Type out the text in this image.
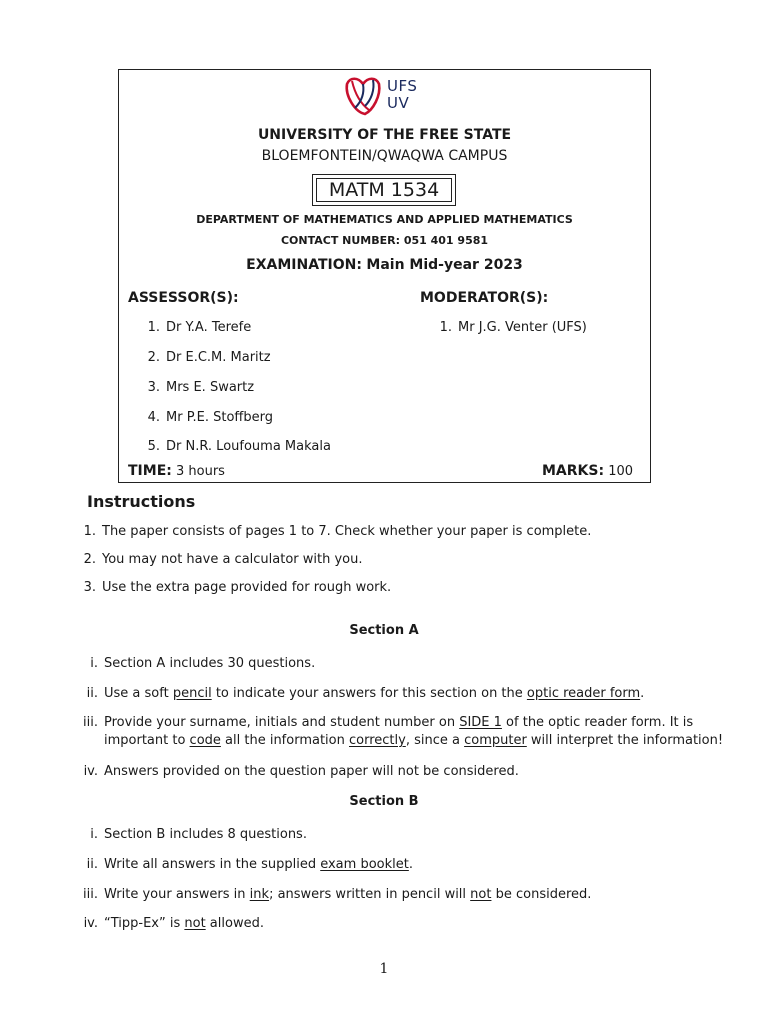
UFS
UV
UNIVERSITY OF THE FREE STATE
BLOEMFONTEIN/QWAQWA CAMPUS
MATM 1534
DEPARTMENT OF MATHEMATICS AND APPLIED MATHEMATICS
CONTACT NUMBER: 051 401 9581
EXAMINATION: Main Mid-year 2023
ASSESSOR(S):	MODERATOR(S):
1. Dr Y.A. Terefe
2. Dr E.C.M. Maritz
3. Mrs E. Swartz
4. Mr P.E. Stoffberg
5. Dr N.R. Loufouma Makala
1. Mr J.G. Venter (UFS)
TIME: 3 hours	MARKS: 100
Instructions
1. The paper consists of pages 1 to 7. Check whether your paper is complete.
2. You may not have a calculator with you.
3. Use the extra page provided for rough work.
Section A
i. Section A includes 30 questions.
ii. Use a soft pencil to indicate your answers for this section on the optic reader form.
iii. Provide your surname, initials and student number on SIDE 1 of the optic reader form. It is
important to code all the information correctly, since a computer will interpret the information!
iv. Answers provided on the question paper will not be considered.
Section B
i. Section B includes 8 questions.
ii. Write all answers in the supplied exam booklet.
iii. Write your answers in ink; answers written in pencil will not be considered.
iv. “Tipp-Ex” is not allowed.
1
